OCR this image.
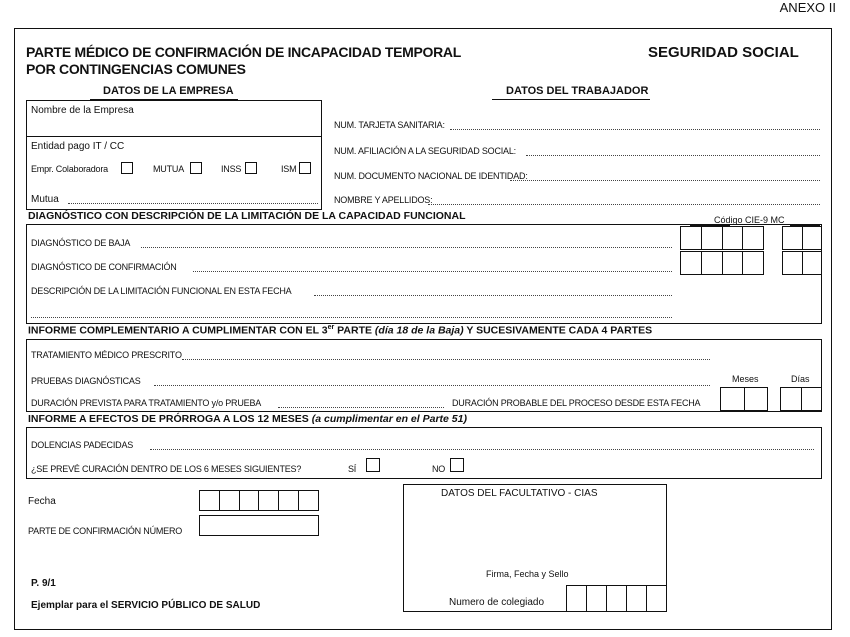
ANEXO II
PARTE MÉDICO DE CONFIRMACIÓN DE INCAPACIDAD TEMPORAL
POR CONTINGENCIAS COMUNES
SEGURIDAD SOCIAL
DATOS DE LA EMPRESA	DATOS DEL TRABAJADOR
Nombre de la Empresa
Entidad pago IT / CC
Empr. Colaboradora	MUTUA	INSS	ISM
Mutua
NUM. TARJETA SANITARIA:
NUM. AFILIACIÓN A LA SEGURIDAD SOCIAL:
NUM. DOCUMENTO NACIONAL DE IDENTIDAD:
NOMBRE Y APELLIDOS:
DIAGNÓSTICO CON DESCRIPCIÓN DE LA LIMITACIÓN DE LA CAPACIDAD FUNCIONAL	Código CIE-9 MC
DIAGNÓSTICO DE BAJA
DIAGNÓSTICO DE CONFIRMACIÓN
DESCRIPCIÓN DE LA LIMITACIÓN FUNCIONAL EN ESTA FECHA
INFORME COMPLEMENTARIO A CUMPLIMENTAR CON EL 3er PARTE (día 18 de la Baja) Y SUCESIVAMENTE CADA 4 PARTES
TRATAMIENTO MÉDICO PRESCRITO
PRUEBAS DIAGNÓSTICAS	Meses	Días
DURACIÓN PREVISTA PARA TRATAMIENTO y/o PRUEBA	DURACIÓN PROBABLE DEL PROCESO DESDE ESTA FECHA
INFORME A EFECTOS DE PRÓRROGA A LOS 12 MESES (a cumplimentar en el Parte 51)
DOLENCIAS PADECIDAS
¿SE PREVÉ CURACIÓN DENTRO DE LOS 6 MESES SIGUIENTES?	SÍ	NO
Fecha
PARTE DE CONFIRMACIÓN NÚMERO
DATOS DEL FACULTATIVO - CIAS
Firma, Fecha y Sello
Numero de colegiado
P. 9/1
Ejemplar para el SERVICIO PÚBLICO DE SALUD
